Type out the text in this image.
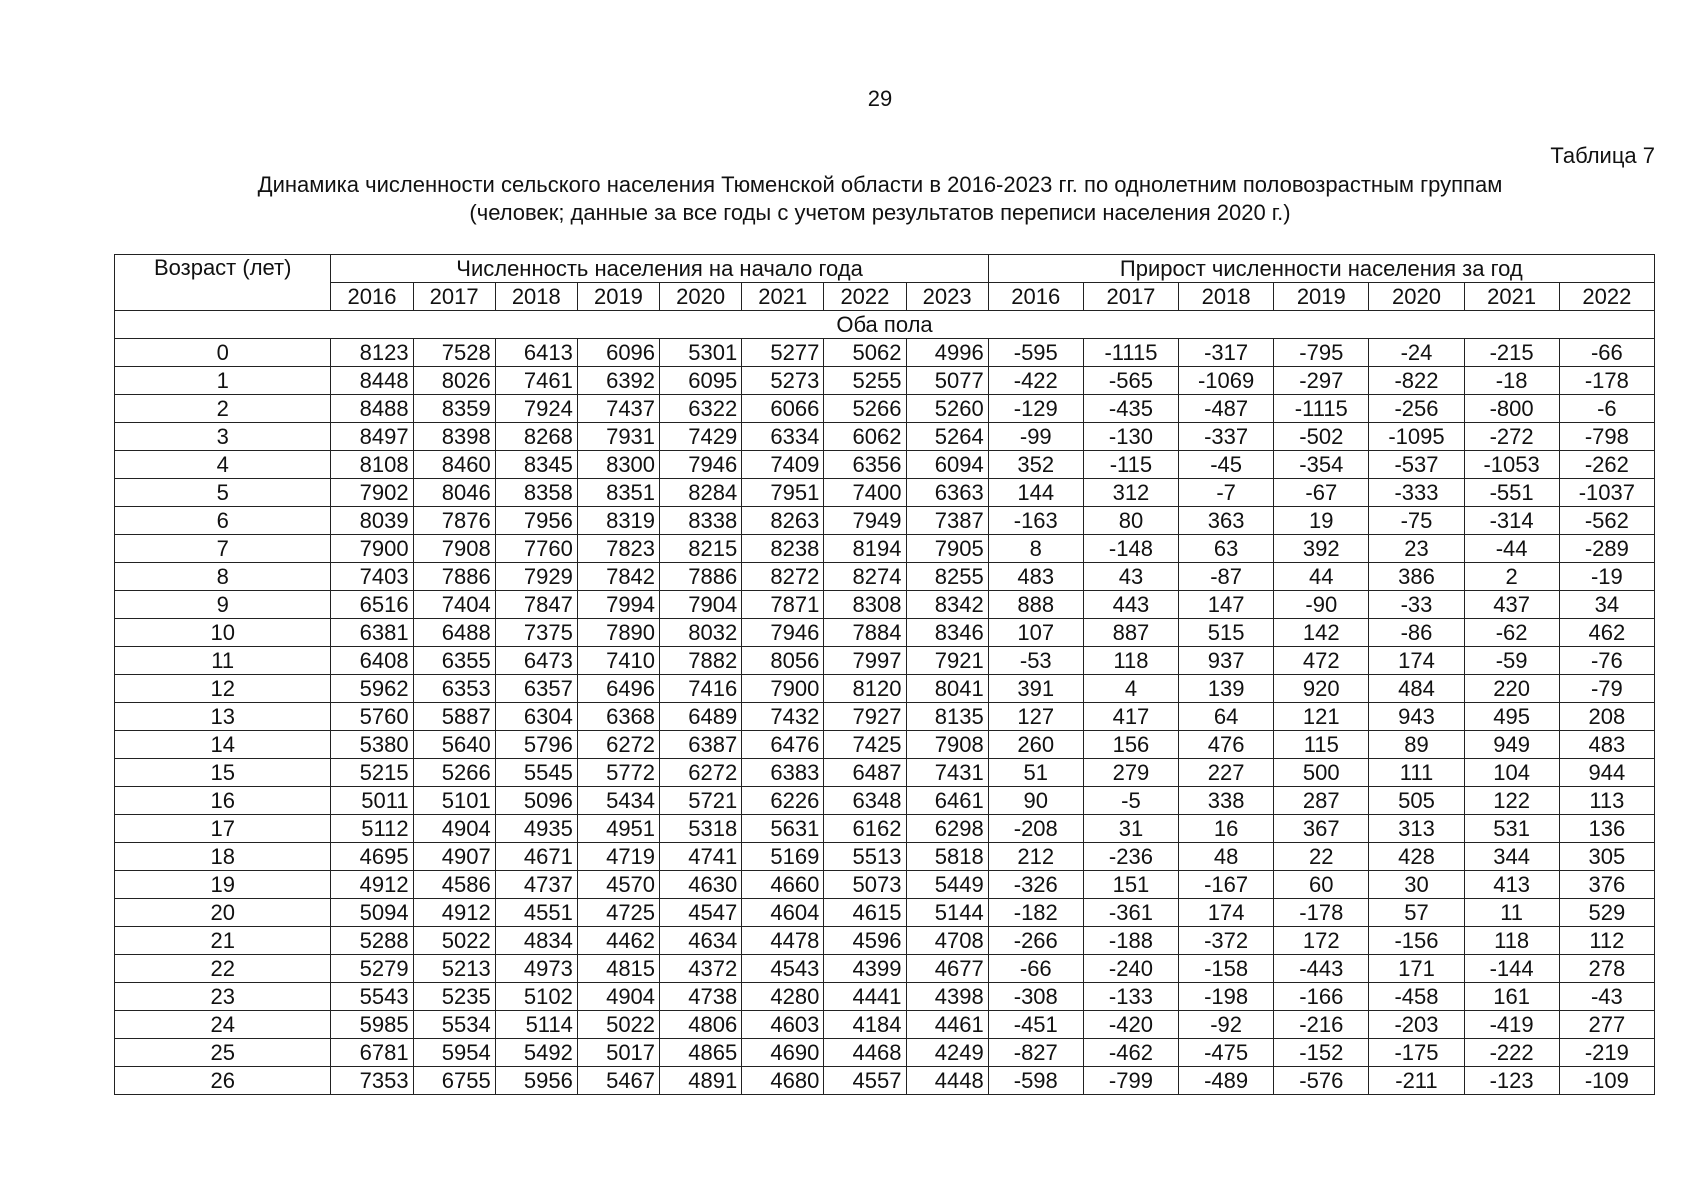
29
Таблица 7
Динамика численности сельского населения Тюменской области в 2016-2023 гг. по однолетним половозрастным группам
(человек; данные за все годы с учетом результатов переписи населения 2020 г.)
Возраст (лет)	Численность населения на начало года								Прирост численности населения за год						
	2016	2017	2018	2019	2020	2021	2022	2023	2016	2017	2018	2019	2020	2021	2022
Оба пола															
0	8123	7528	6413	6096	5301	5277	5062	4996	-595	-1115	-317	-795	-24	-215	-66
1	8448	8026	7461	6392	6095	5273	5255	5077	-422	-565	-1069	-297	-822	-18	-178
2	8488	8359	7924	7437	6322	6066	5266	5260	-129	-435	-487	-1115	-256	-800	-6
3	8497	8398	8268	7931	7429	6334	6062	5264	-99	-130	-337	-502	-1095	-272	-798
4	8108	8460	8345	8300	7946	7409	6356	6094	352	-115	-45	-354	-537	-1053	-262
5	7902	8046	8358	8351	8284	7951	7400	6363	144	312	-7	-67	-333	-551	-1037
6	8039	7876	7956	8319	8338	8263	7949	7387	-163	80	363	19	-75	-314	-562
7	7900	7908	7760	7823	8215	8238	8194	7905	8	-148	63	392	23	-44	-289
8	7403	7886	7929	7842	7886	8272	8274	8255	483	43	-87	44	386	2	-19
9	6516	7404	7847	7994	7904	7871	8308	8342	888	443	147	-90	-33	437	34
10	6381	6488	7375	7890	8032	7946	7884	8346	107	887	515	142	-86	-62	462
11	6408	6355	6473	7410	7882	8056	7997	7921	-53	118	937	472	174	-59	-76
12	5962	6353	6357	6496	7416	7900	8120	8041	391	4	139	920	484	220	-79
13	5760	5887	6304	6368	6489	7432	7927	8135	127	417	64	121	943	495	208
14	5380	5640	5796	6272	6387	6476	7425	7908	260	156	476	115	89	949	483
15	5215	5266	5545	5772	6272	6383	6487	7431	51	279	227	500	111	104	944
16	5011	5101	5096	5434	5721	6226	6348	6461	90	-5	338	287	505	122	113
17	5112	4904	4935	4951	5318	5631	6162	6298	-208	31	16	367	313	531	136
18	4695	4907	4671	4719	4741	5169	5513	5818	212	-236	48	22	428	344	305
19	4912	4586	4737	4570	4630	4660	5073	5449	-326	151	-167	60	30	413	376
20	5094	4912	4551	4725	4547	4604	4615	5144	-182	-361	174	-178	57	11	529
21	5288	5022	4834	4462	4634	4478	4596	4708	-266	-188	-372	172	-156	118	112
22	5279	5213	4973	4815	4372	4543	4399	4677	-66	-240	-158	-443	171	-144	278
23	5543	5235	5102	4904	4738	4280	4441	4398	-308	-133	-198	-166	-458	161	-43
24	5985	5534	5114	5022	4806	4603	4184	4461	-451	-420	-92	-216	-203	-419	277
25	6781	5954	5492	5017	4865	4690	4468	4249	-827	-462	-475	-152	-175	-222	-219
26	7353	6755	5956	5467	4891	4680	4557	4448	-598	-799	-489	-576	-211	-123	-109
